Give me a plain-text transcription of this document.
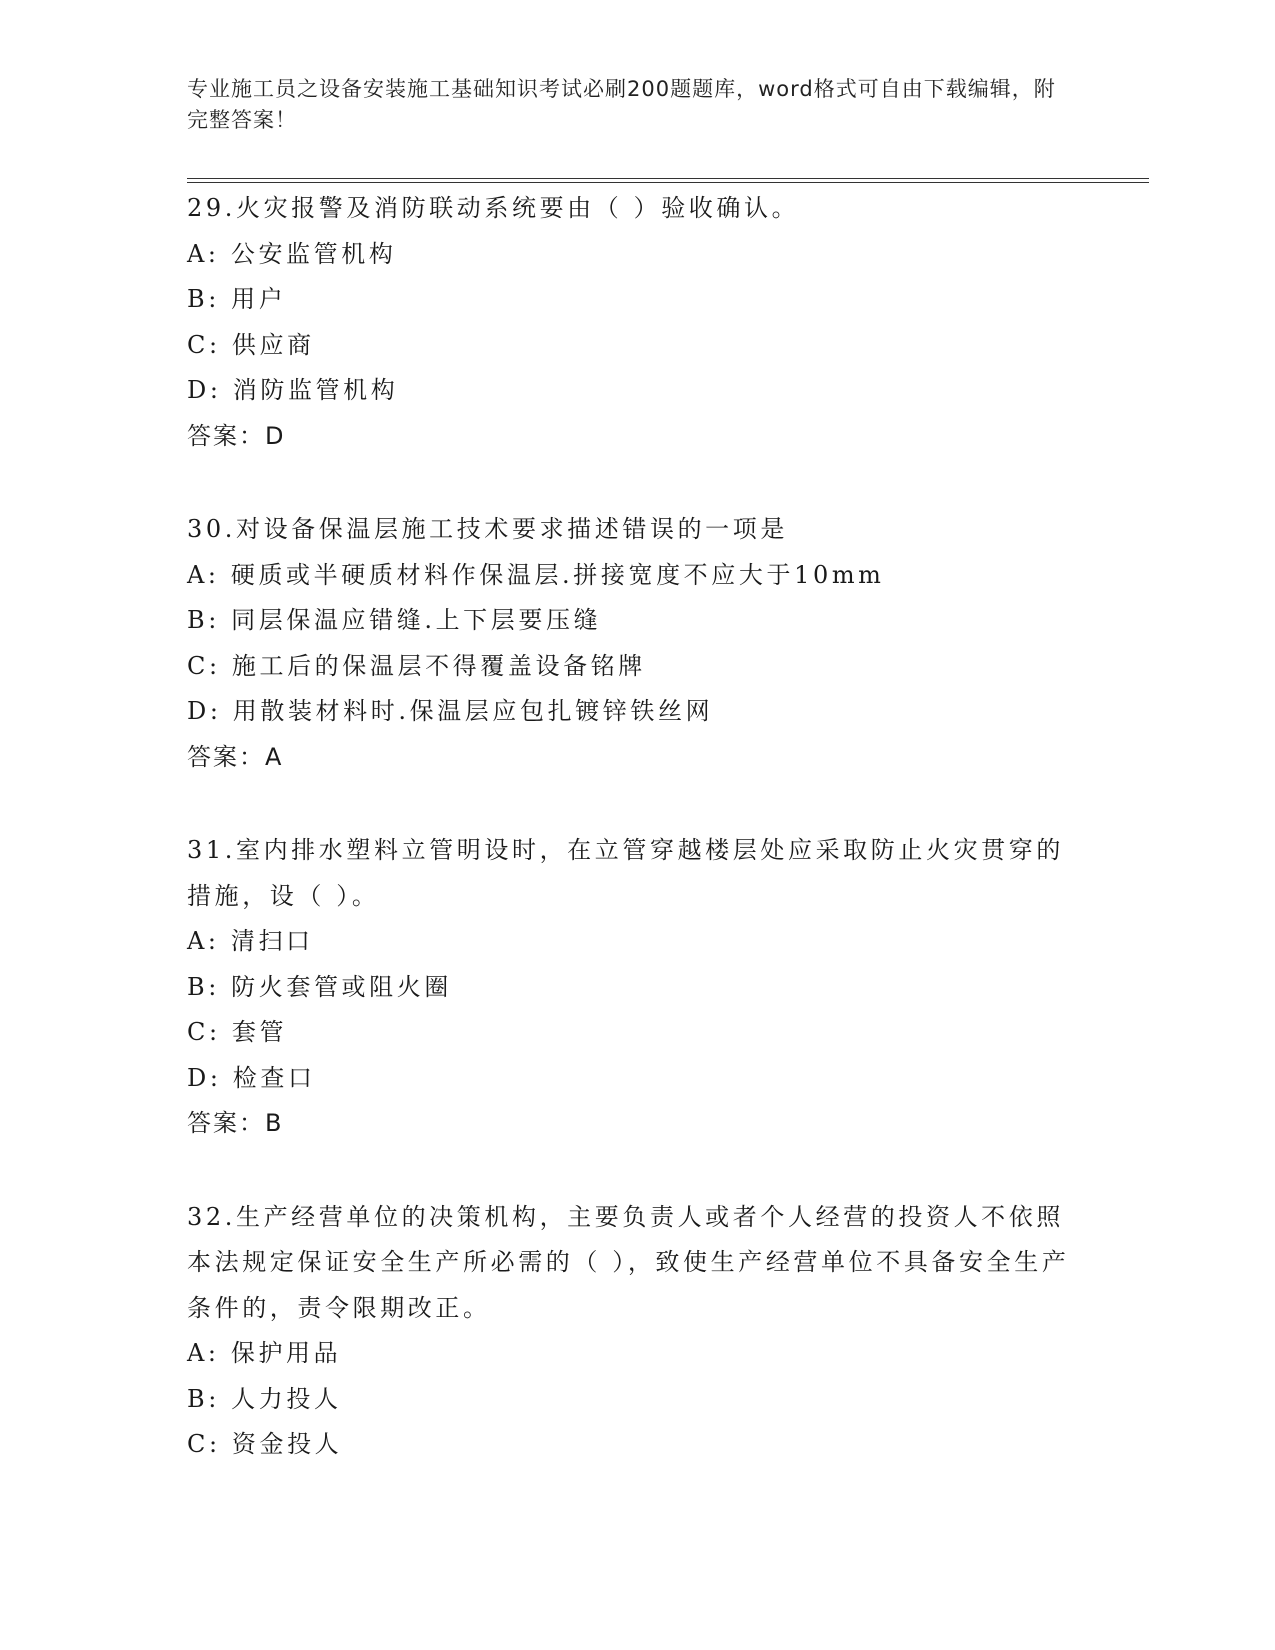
专业施工员之设备安装施工基础知识考试必刷200题题库，word格式可自由下载编辑，附完整答案！
29.火灾报警及消防联动系统要由（ ）验收确认。
A: 公安监管机构
B: 用户
C: 供应商
D: 消防监管机构
答案：D
30.对设备保温层施工技术要求描述错误的一项是
A: 硬质或半硬质材料作保温层.拼接宽度不应大于10mm
B: 同层保温应错缝.上下层要压缝
C: 施工后的保温层不得覆盖设备铭牌
D: 用散装材料时.保温层应包扎镀锌铁丝网
答案：A
31.室内排水塑料立管明设时，在立管穿越楼层处应采取防止火灾贯穿的措施，设（ ）。
A: 清扫口
B: 防火套管或阻火圈
C: 套管
D: 检查口
答案：B
32.生产经营单位的决策机构，主要负责人或者个人经营的投资人不依照本法规定保证安全生产所必需的（ ），致使生产经营单位不具备安全生产条件的，责令限期改正。
A: 保护用品
B: 人力投人
C: 资金投人
